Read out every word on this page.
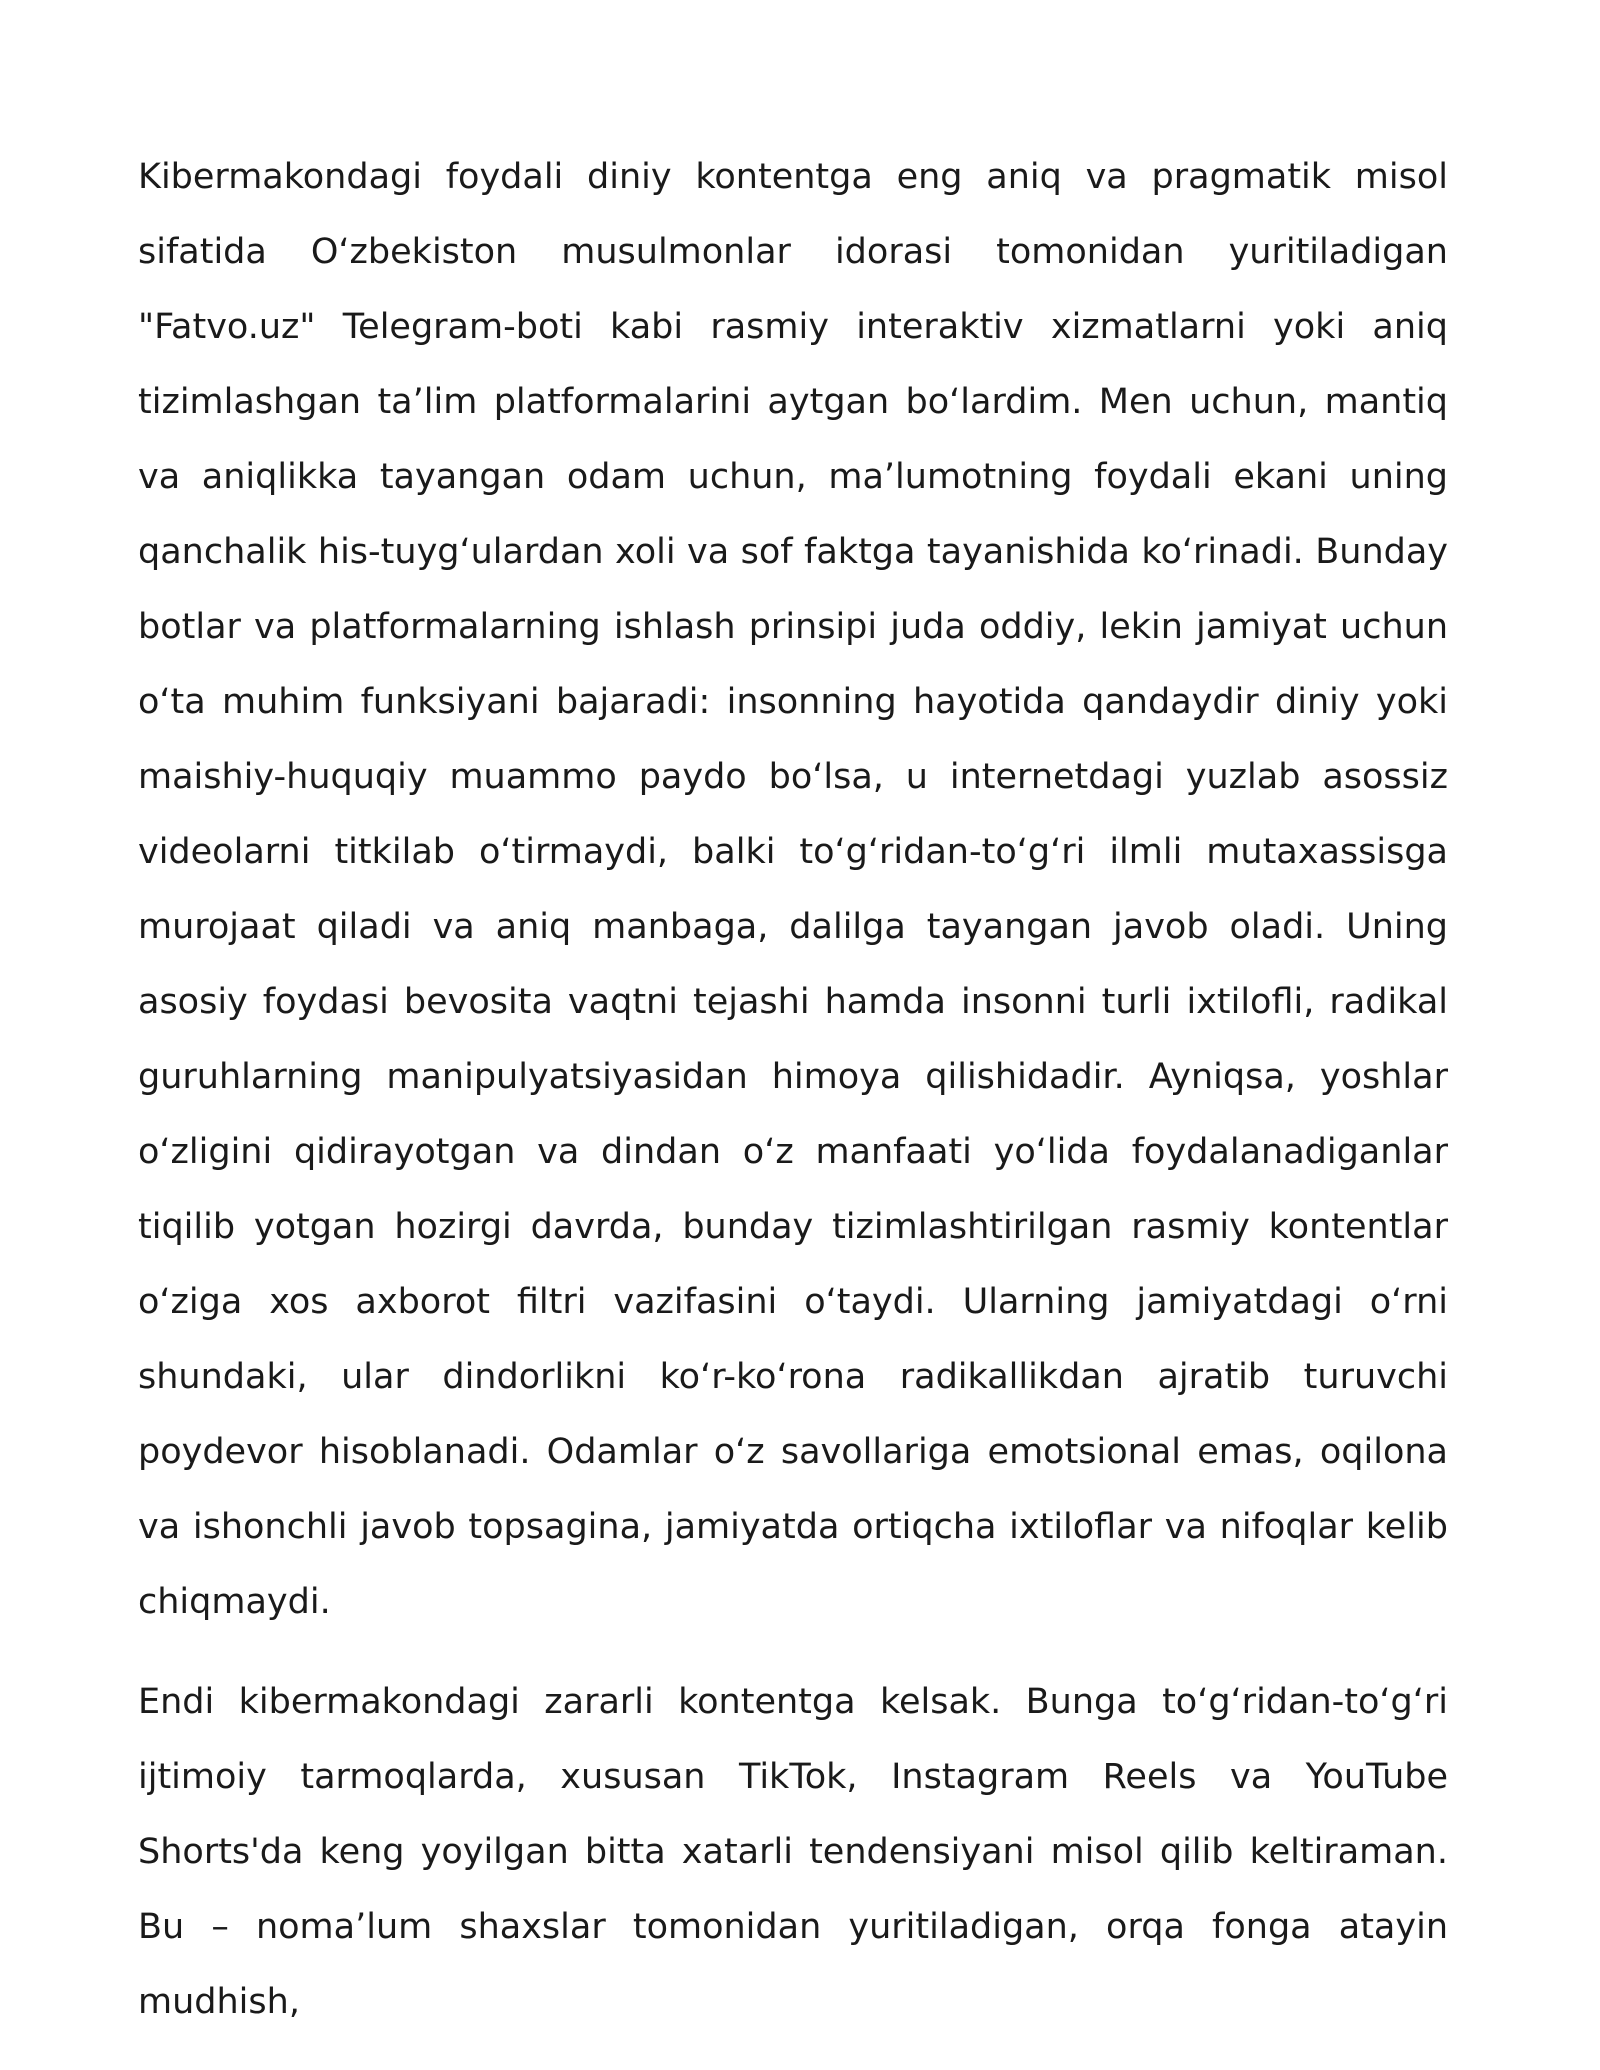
Kibermakondagi foydali diniy kontentga eng aniq va pragmatik misol sifatida O‘zbekiston musulmonlar idorasi tomonidan yuritiladigan "Fatvo.uz" Telegram-boti kabi rasmiy interaktiv xizmatlarni yoki aniq tizimlashgan ta’lim platformalarini aytgan bo‘lardim. Men uchun, mantiq va aniqlikka tayangan odam uchun, ma’lumotning foydali ekani uning qanchalik his-tuyg‘ulardan xoli va sof faktga tayanishida ko‘rinadi. Bunday botlar va platformalarning ishlash prinsipi juda oddiy, lekin jamiyat uchun o‘ta muhim funksiyani bajaradi: insonning hayotida qandaydir diniy yoki maishiy-huquqiy muammo paydo bo‘lsa, u internetdagi yuzlab asossiz videolarni titkilab o‘tirmaydi, balki to‘g‘ridan-to‘g‘ri ilmli mutaxassisga murojaat qiladi va aniq manbaga, dalilga tayangan javob oladi. Uning asosiy foydasi bevosita vaqtni tejashi hamda insonni turli ixtilofli, radikal guruhlarning manipulyatsiyasidan himoya qilishidadir. Ayniqsa, yoshlar o‘zligini qidirayotgan va dindan o‘z manfaati yo‘lida foydalanadiganlar tiqilib yotgan hozirgi davrda, bunday tizimlashtirilgan rasmiy kontentlar o‘ziga xos axborot filtri vazifasini o‘taydi. Ularning jamiyatdagi o‘rni shundaki, ular dindorlikni ko‘r-ko‘rona radikallikdan ajratib turuvchi poydevor hisoblanadi. Odamlar o‘z savollariga emotsional emas, oqilona va ishonchli javob topsagina, jamiyatda ortiqcha ixtiloflar va nifoqlar kelib chiqmaydi.

Endi kibermakondagi zararli kontentga kelsak. Bunga to‘g‘ridan-to‘g‘ri ijtimoiy tarmoqlarda, xususan TikTok, Instagram Reels va YouTube Shorts'da keng yoyilgan bitta xatarli tendensiyani misol qilib keltiraman. Bu – noma’lum shaxslar tomonidan yuritiladigan, orqa fonga atayin mudhish,
